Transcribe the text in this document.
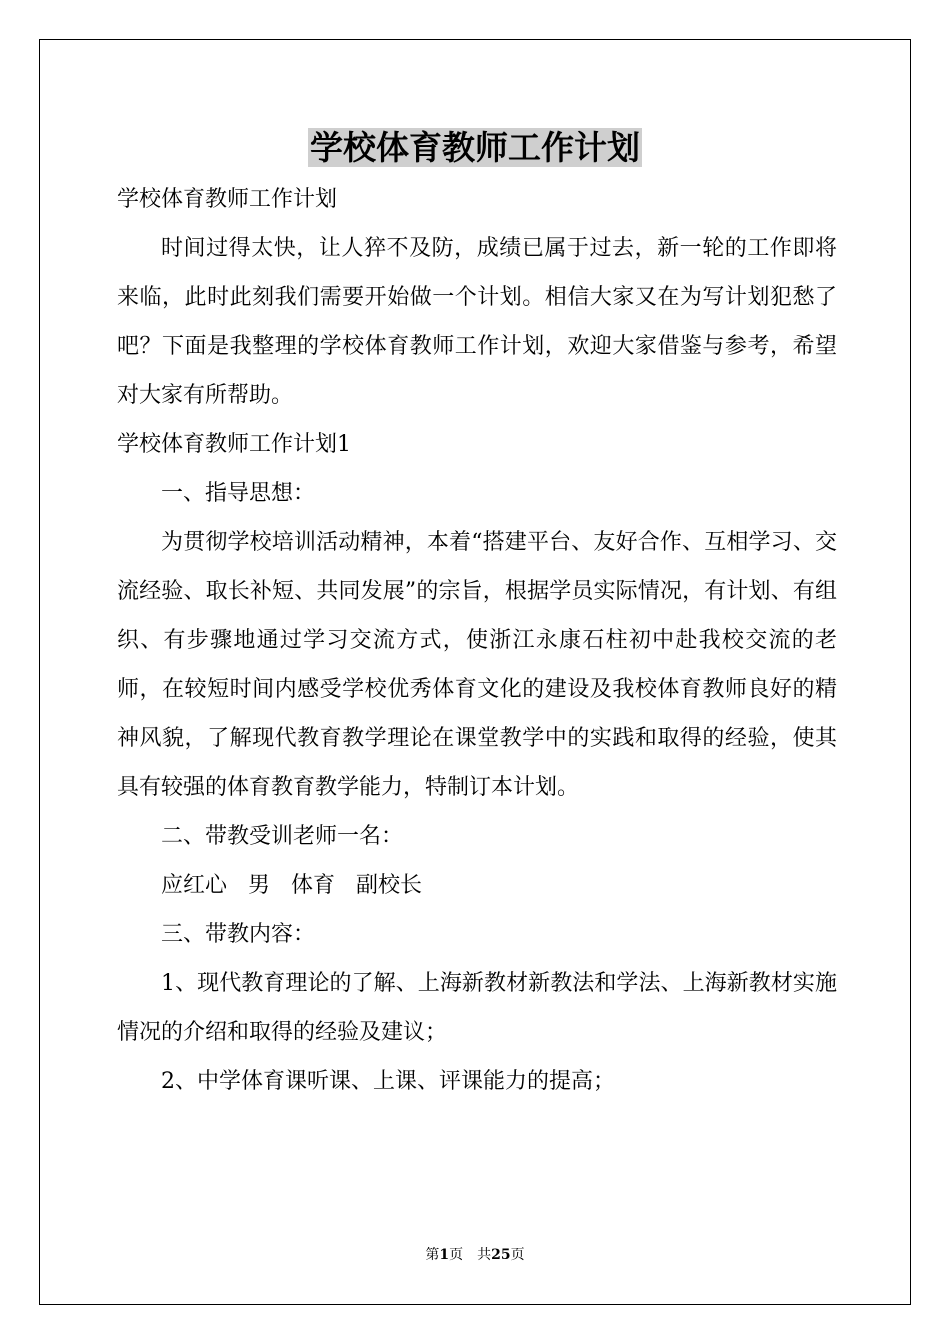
学校体育教师工作计划

学校体育教师工作计划

时间过得太快，让人猝不及防，成绩已属于过去，新一轮的工作即将来临，此时此刻我们需要开始做一个计划。相信大家又在为写计划犯愁了吧？下面是我整理的学校体育教师工作计划，欢迎大家借鉴与参考，希望对大家有所帮助。

学校体育教师工作计划1

一、指导思想：

为贯彻学校培训活动精神，本着“搭建平台、友好合作、互相学习、交流经验、取长补短、共同发展”的宗旨，根据学员实际情况，有计划、有组织、有步骤地通过学习交流方式，使浙江永康石柱初中赴我校交流的老师，在较短时间内感受学校优秀体育文化的建设及我校体育教师良好的精神风貌，了解现代教育教学理论在课堂教学中的实践和取得的经验，使其具有较强的体育教育教学能力，特制订本计划。

二、带教受训老师一名：

应红心   男   体育   副校长

三、带教内容：

1、现代教育理论的了解、上海新教材新教法和学法、上海新教材实施情况的介绍和取得的经验及建议；

2、中学体育课听课、上课、评课能力的提高；

第1页　共25页
